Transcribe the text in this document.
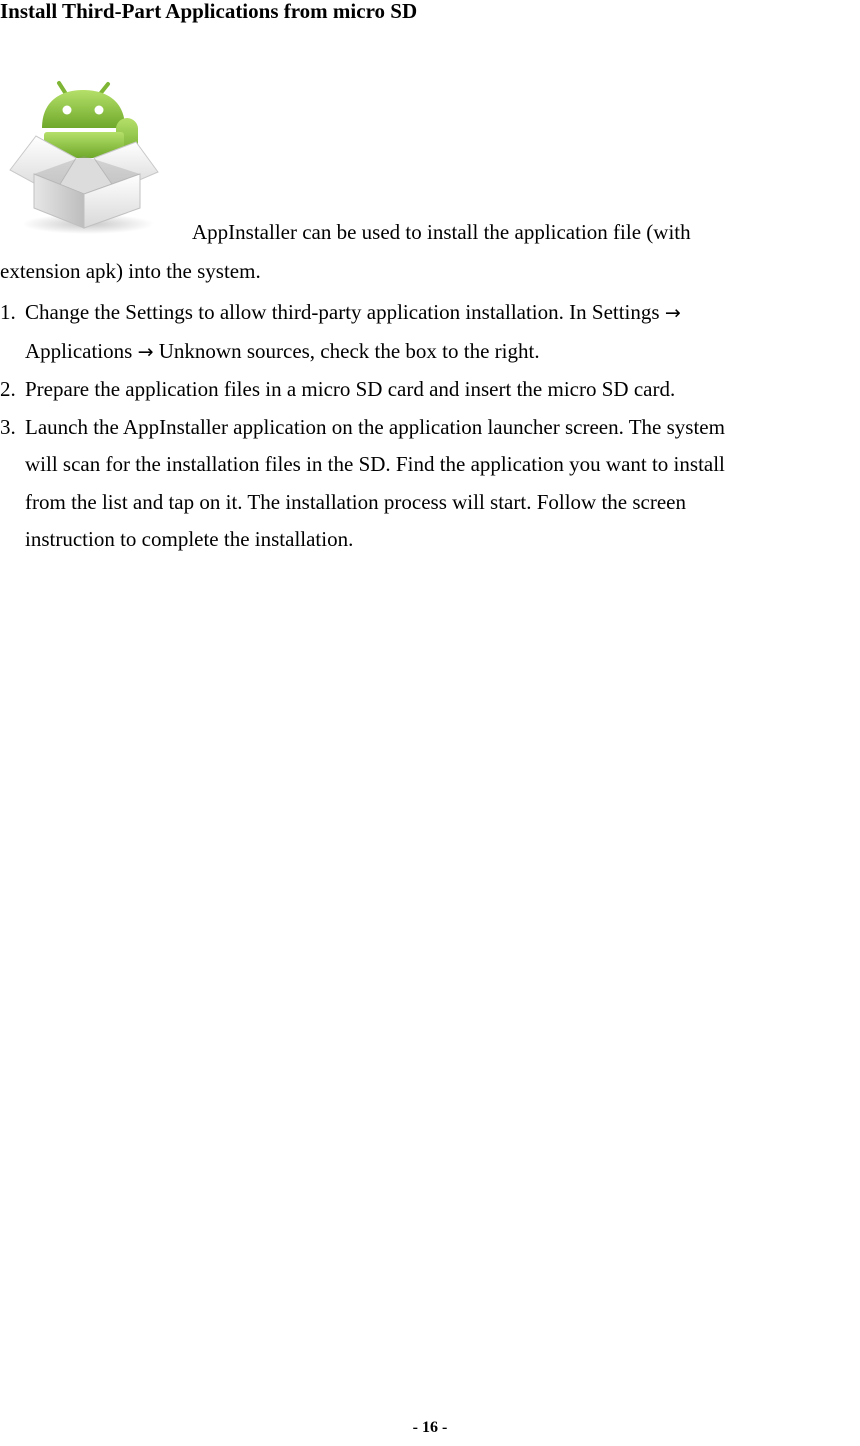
Install Third-Part Applications from micro SD
AppInstaller can be used to install the application file (with
extension apk) into the system.
1. Change the Settings to allow third-party application installation. In Settings →
Applications → Unknown sources, check the box to the right.
2. Prepare the application files in a micro SD card and insert the micro SD card.
3. Launch the AppInstaller application on the application launcher screen. The system
will scan for the installation files in the SD. Find the application you want to install
from the list and tap on it. The installation process will start. Follow the screen
instruction to complete the installation.
- 16 -
